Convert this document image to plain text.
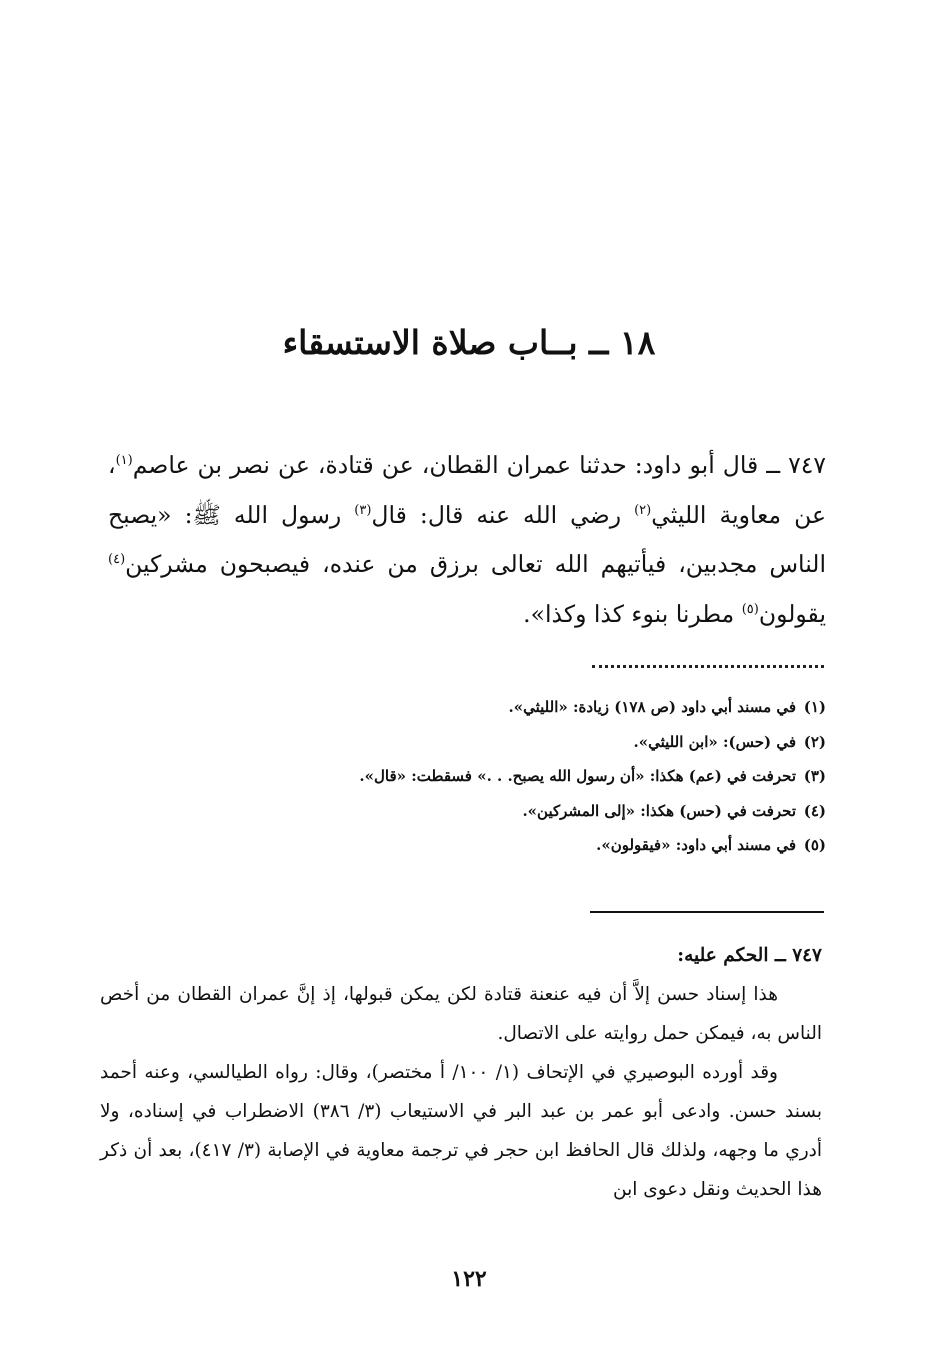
١٨ ــ بــاب صلاة الاستسقاء
٧٤٧ ــ قال أبو داود: حدثنا عمران القطان، عن قتادة، عن نصر بن عاصم$^{(١)}$، عن معاوية الليثي$^{(٢)}$ رضي الله عنه قال: قال$^{(٣)}$ رسول الله ﷺ: «يصبح الناس مجدبين، فيأتيهم الله تعالى برزق من عنده، فيصبحون مشركين$^{(٤)}$ يقولون$^{(٥)}$ مطرنا بنوء كذا وكذا».
(١)في مسند أبي داود (ص ١٧٨) زيادة: «الليثي».
(٢)في (حس): «ابن الليثي».
(٣)تحرفت في (عم) هكذا: «أن رسول الله يصبح. . .» فسقطت: «قال».
(٤)تحرفت في (حس) هكذا: «إلى المشركين».
(٥)في مسند أبي داود: «فيقولون».
٧٤٧ ــ الحكم عليه:

هذا إسناد حسن إلاَّ أن فيه عنعنة قتادة لكن يمكن قبولها، إذ إنَّ عمران القطان من أخص الناس به، فيمكن حمل روايته على الاتصال.

وقد أورده البوصيري في الإتحاف (١/ ١٠٠/ أ مختصر)، وقال: رواه الطيالسي، وعنه أحمد بسند حسن. وادعى أبو عمر بن عبد البر في الاستيعاب (٣/ ٣٨٦) الاضطراب في إسناده، ولا أدري ما وجهه، ولذلك قال الحافظ ابن حجر في ترجمة معاوية في الإصابة (٣/ ٤١٧)، بعد أن ذكر هذا الحديث ونقل دعوى ابن

١٢٢
